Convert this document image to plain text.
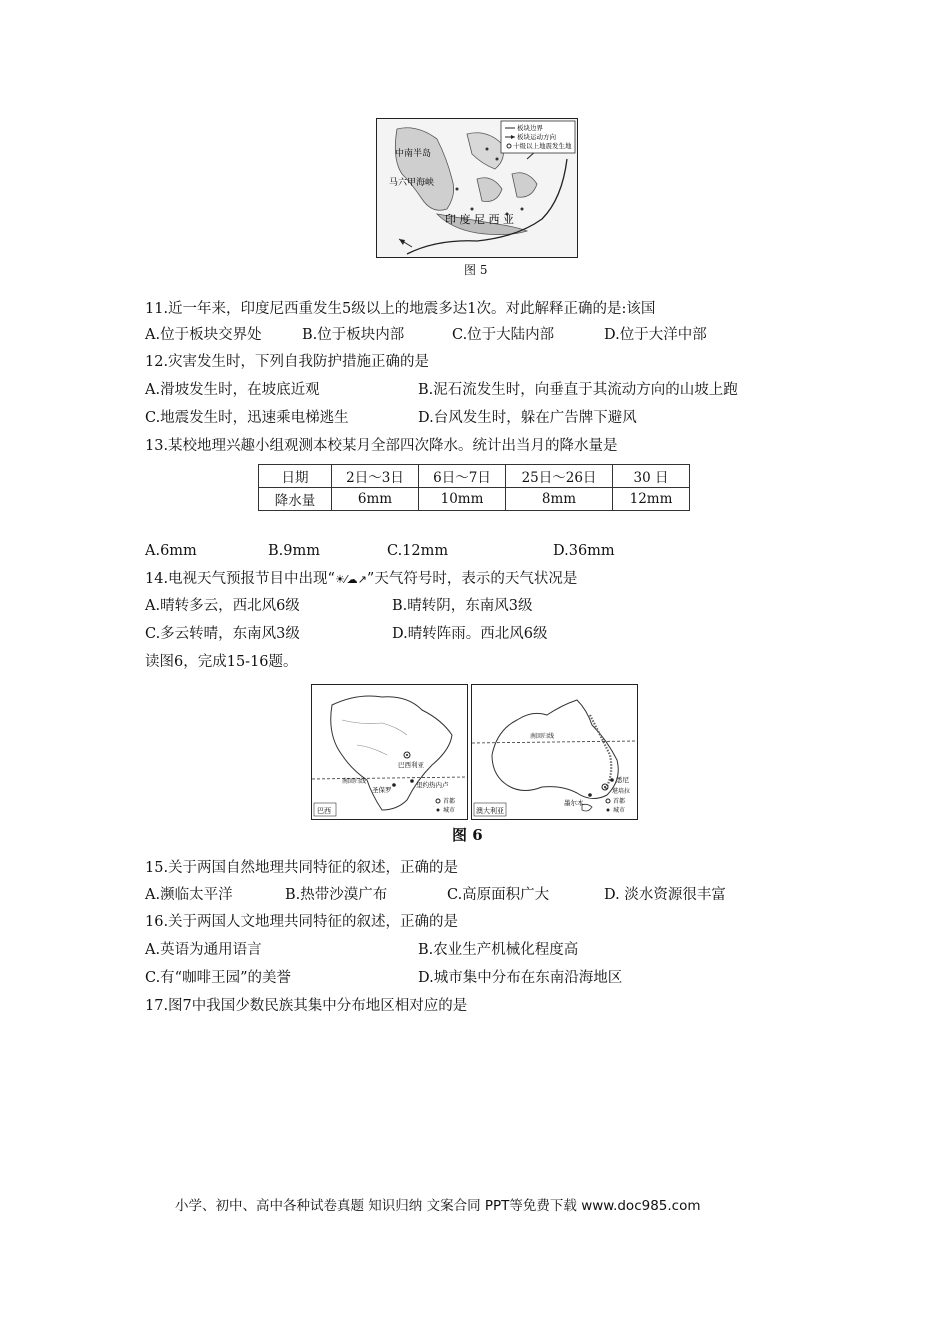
板块边界
板块运动方向
十级以上地震发生地
中南半岛
马六甲海峡
印 度 尼 西 亚
图 5
11.近一年来，印度尼西重发生5级以上的地震多达1次。对此解释正确的是:该国
A.位于板块交界处	B.位于板块内部	C.位于大陆内部	D.位于大洋中部
12.灾害发生时，下列自我防护措施正确的是
A.滑坡发生时，在坡底近观	B.泥石流发生时，向垂直于其流动方向的山坡上跑
C.地震发生时，迅速乘电梯逃生	D.台风发生时，躲在广告牌下避风
13.某校地理兴趣小组观测本校某月全部四次降水。统计出当月的降水量是
日期	2日～3日	6日～7日	25日～26日	30 日
降水量	6mm	10mm	8mm	12mm
A.6mm	B.9mm	C.12mm	D.36mm
14.电视天气预报节目中出现“☀⁄☁↗”天气符号时，表示的天气状况是
A.晴转多云，西北风6级	B.晴转阴，东南风3级
C.多云转晴，东南风3级	D.晴转阵雨。西北风6级
读图6，完成15-16题。
巴西利亚
南回归线
圣保罗
里约热内卢
巴西
首都
城市
南回归线
悉尼
堪培拉
墨尔本
澳大利亚
首都
城市
图 6
15.关于两国自然地理共同特征的叙述，正确的是
A.濒临太平洋	B.热带沙漠广布	C.高原面积广大	D. 淡水资源很丰富
16.关于两国人文地理共同特征的叙述，正确的是
A.英语为通用语言	B.农业生产机械化程度高
C.有“咖啡王园”的美誉	D.城市集中分布在东南沿海地区
17.图7中我国少数民族其集中分布地区相对应的是
小学、初中、高中各种试卷真题 知识归纳 文案合同 PPT等免费下载 www.doc985.com
